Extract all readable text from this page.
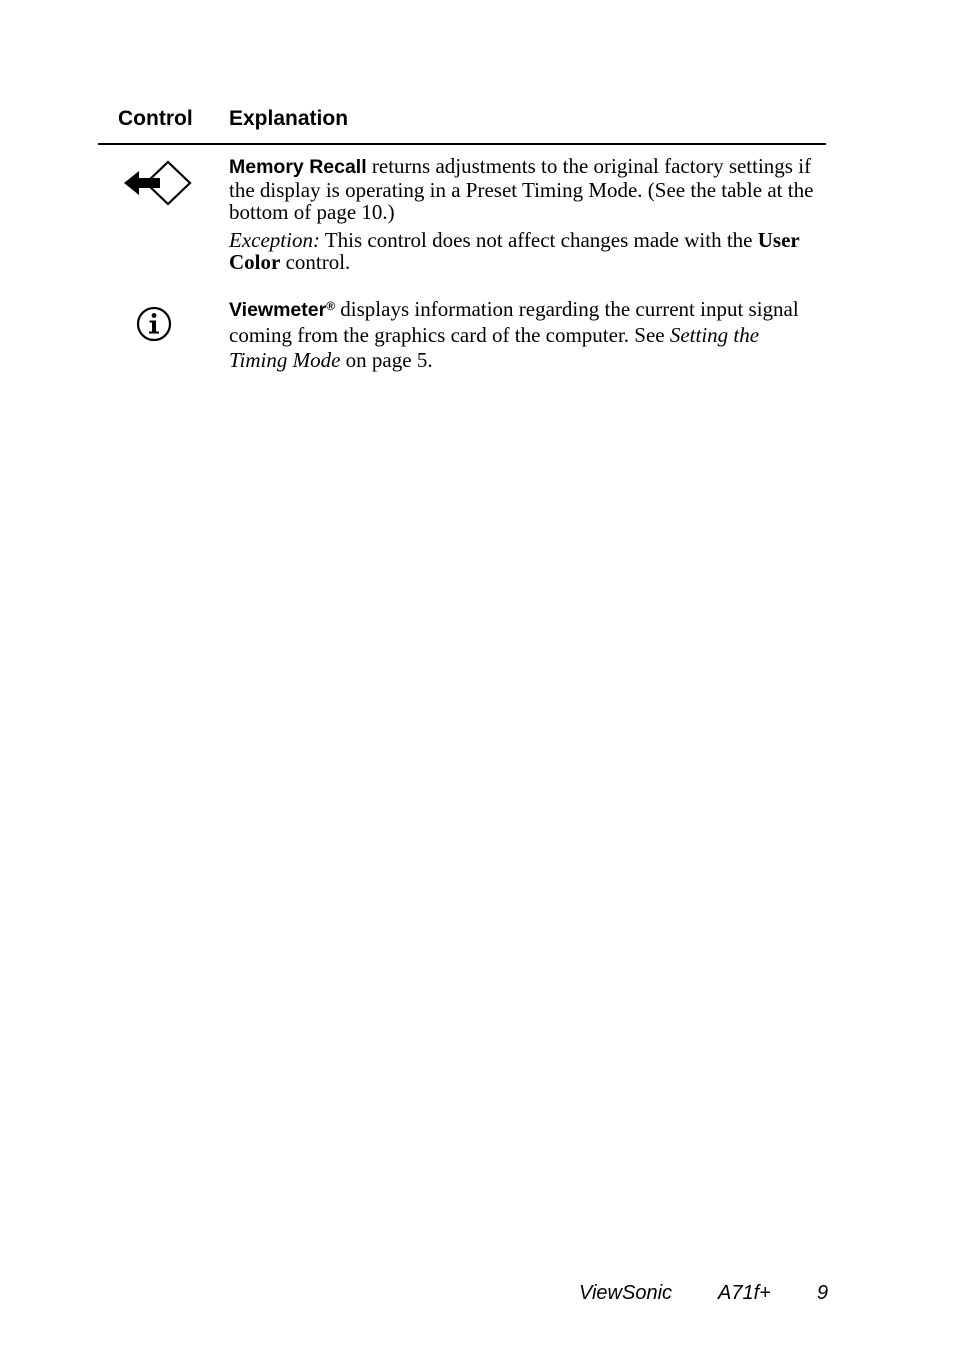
Control Explanation

Memory Recall returns adjustments to the original factory settings if the display is operating in a Preset Timing Mode. (See the table at the bottom of page 10.)

Exception: This control does not affect changes made with the User Color control.

Viewmeter® displays information regarding the current input signal coming from the graphics card of the computer. See Setting the Timing Mode on page 5.

ViewSonic A71f+ 9
